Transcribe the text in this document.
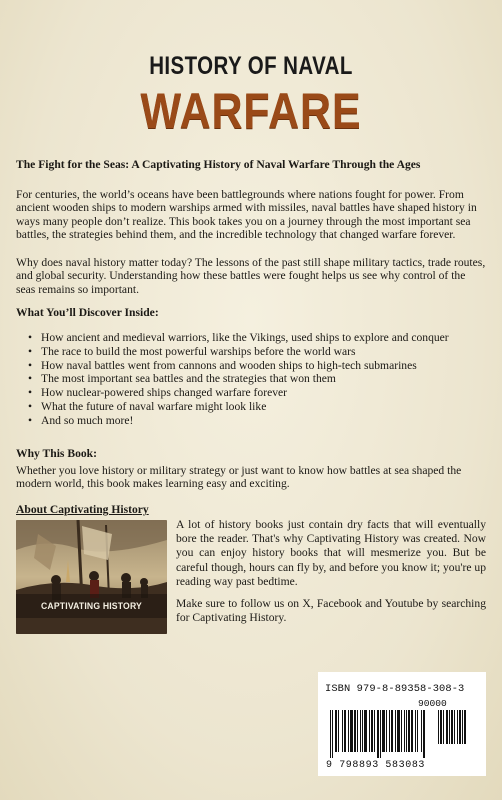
HISTORY OF NAVAL
WARFARE
The Fight for the Seas: A Captivating History of Naval Warfare Through the Ages
For centuries, the world’s oceans have been battlegrounds where nations fought for power. From ancient wooden ships to modern warships armed with missiles, naval battles have shaped history in ways many people don’t realize. This book takes you on a journey through the most important sea battles, the strategies behind them, and the incredible technology that changed warfare forever.
Why does naval history matter today? The lessons of the past still shape military tactics, trade routes, and global security. Understanding how these battles were fought helps us see why control of the seas remains so important.
What You’ll Discover Inside:
• How ancient and medieval warriors, like the Vikings, used ships to explore and conquer
• The race to build the most powerful warships before the world wars
• How naval battles went from cannons and wooden ships to high-tech submarines
• The most important sea battles and the strategies that won them
• How nuclear-powered ships changed warfare forever
• What the future of naval warfare might look like
• And so much more!
Why This Book:
Whether you love history or military strategy or just want to know how battles at sea shaped the modern world, this book makes learning easy and exciting.
About Captivating History
CAPTIVATING HISTORY
A lot of history books just contain dry facts that will eventually bore the reader. That's why Captivating History was created. Now you can enjoy history books that will mesmerize you. But be careful though, hours can fly by, and before you know it; you're up reading way past bedtime.
Make sure to follow us on X, Facebook and Youtube by searching for Captivating History.
ISBN 979-8-89358-308-3
90000
9 798893 583083
